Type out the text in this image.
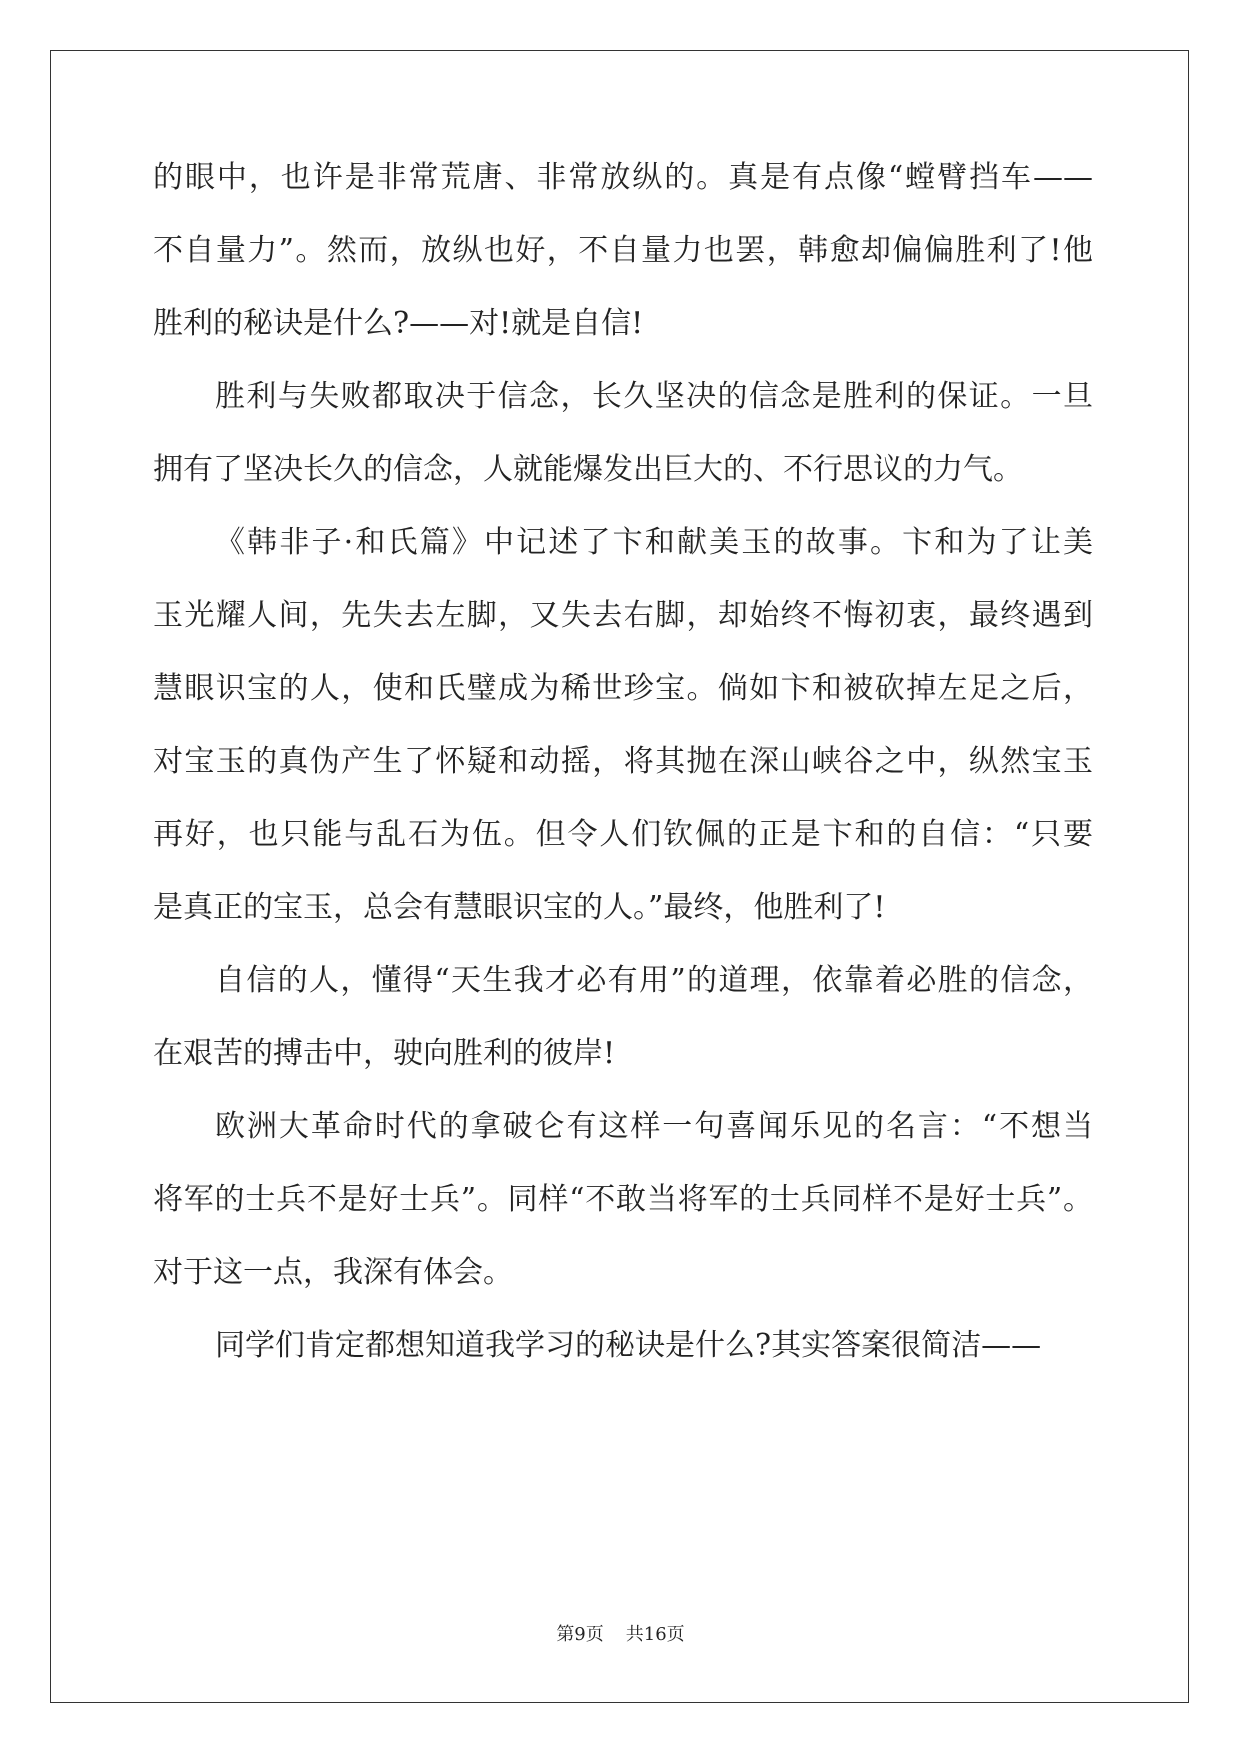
的眼中，也许是非常荒唐、非常放纵的。真是有点像“螳臂挡车——
不自量力”。然而，放纵也好，不自量力也罢，韩愈却偏偏胜利了!他
胜利的秘诀是什么?——对!就是自信!
胜利与失败都取决于信念，长久坚决的信念是胜利的保证。一旦
拥有了坚决长久的信念，人就能爆发出巨大的、不行思议的力气。
《韩非子·和氏篇》中记述了卞和献美玉的故事。卞和为了让美
玉光耀人间，先失去左脚，又失去右脚，却始终不悔初衷，最终遇到
慧眼识宝的人，使和氏璧成为稀世珍宝。倘如卞和被砍掉左足之后，
对宝玉的真伪产生了怀疑和动摇，将其抛在深山峡谷之中，纵然宝玉
再好，也只能与乱石为伍。但令人们钦佩的正是卞和的自信：“只要
是真正的宝玉，总会有慧眼识宝的人。”最终，他胜利了!
自信的人，懂得“天生我才必有用”的道理，依靠着必胜的信念，
在艰苦的搏击中，驶向胜利的彼岸!
欧洲大革命时代的拿破仑有这样一句喜闻乐见的名言：“不想当
将军的士兵不是好士兵”。同样“不敢当将军的士兵同样不是好士兵”。
对于这一点，我深有体会。
同学们肯定都想知道我学习的秘诀是什么?其实答案很简洁——
第9页 共16页
